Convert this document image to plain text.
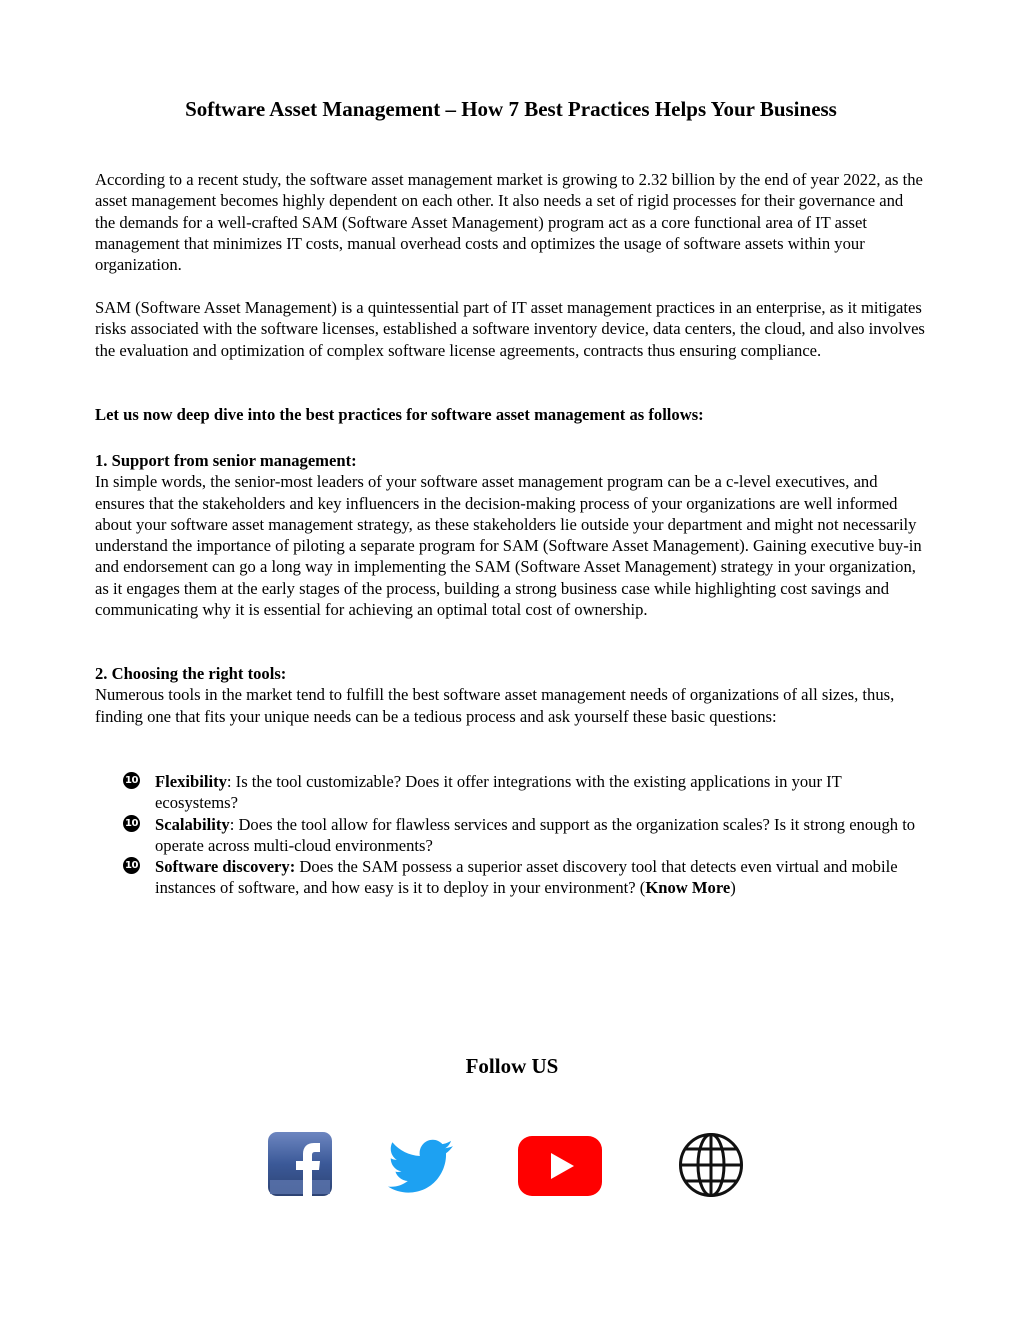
Software Asset Management – How 7 Best Practices Helps Your Business

According to a recent study, the software asset management market is growing to 2.32 billion by the end of year 2022, as the asset management becomes highly dependent on each other. It also needs a set of rigid processes for their governance and the demands for a well-crafted SAM (Software Asset Management) program act as a core functional area of IT asset management that minimizes IT costs, manual overhead costs and optimizes the usage of software assets within your organization.

SAM (Software Asset Management) is a quintessential part of IT asset management practices in an enterprise, as it mitigates risks associated with the software licenses, established a software inventory device, data centers, the cloud, and also involves the evaluation and optimization of complex software license agreements, contracts thus ensuring compliance.

Let us now deep dive into the best practices for software asset management as follows:

1. Support from senior management:
In simple words, the senior-most leaders of your software asset management program can be a c-level executives, and ensures that the stakeholders and key influencers in the decision-making process of your organizations are well informed about your software asset management strategy, as these stakeholders lie outside your department and might not necessarily understand the importance of piloting a separate program for SAM (Software Asset Management). Gaining executive buy-in and endorsement can go a long way in implementing the SAM (Software Asset Management) strategy in your organization, as it engages them at the early stages of the process, building a strong business case while highlighting cost savings and communicating why it is essential for achieving an optimal total cost of ownership.
2. Choosing the right tools:
Numerous tools in the market tend to fulfill the best software asset management needs of organizations of all sizes, thus, finding one that fits your unique needs can be a tedious process and ask yourself these basic questions:
10 Flexibility: Is the tool customizable? Does it offer integrations with the existing applications in your IT ecosystems?
10 Scalability: Does the tool allow for flawless services and support as the organization scales? Is it strong enough to operate across multi-cloud environments?
10 Software discovery: Does the SAM possess a superior asset discovery tool that detects even virtual and mobile instances of software, and how easy is it to deploy in your environment? (Know More)
Follow US
